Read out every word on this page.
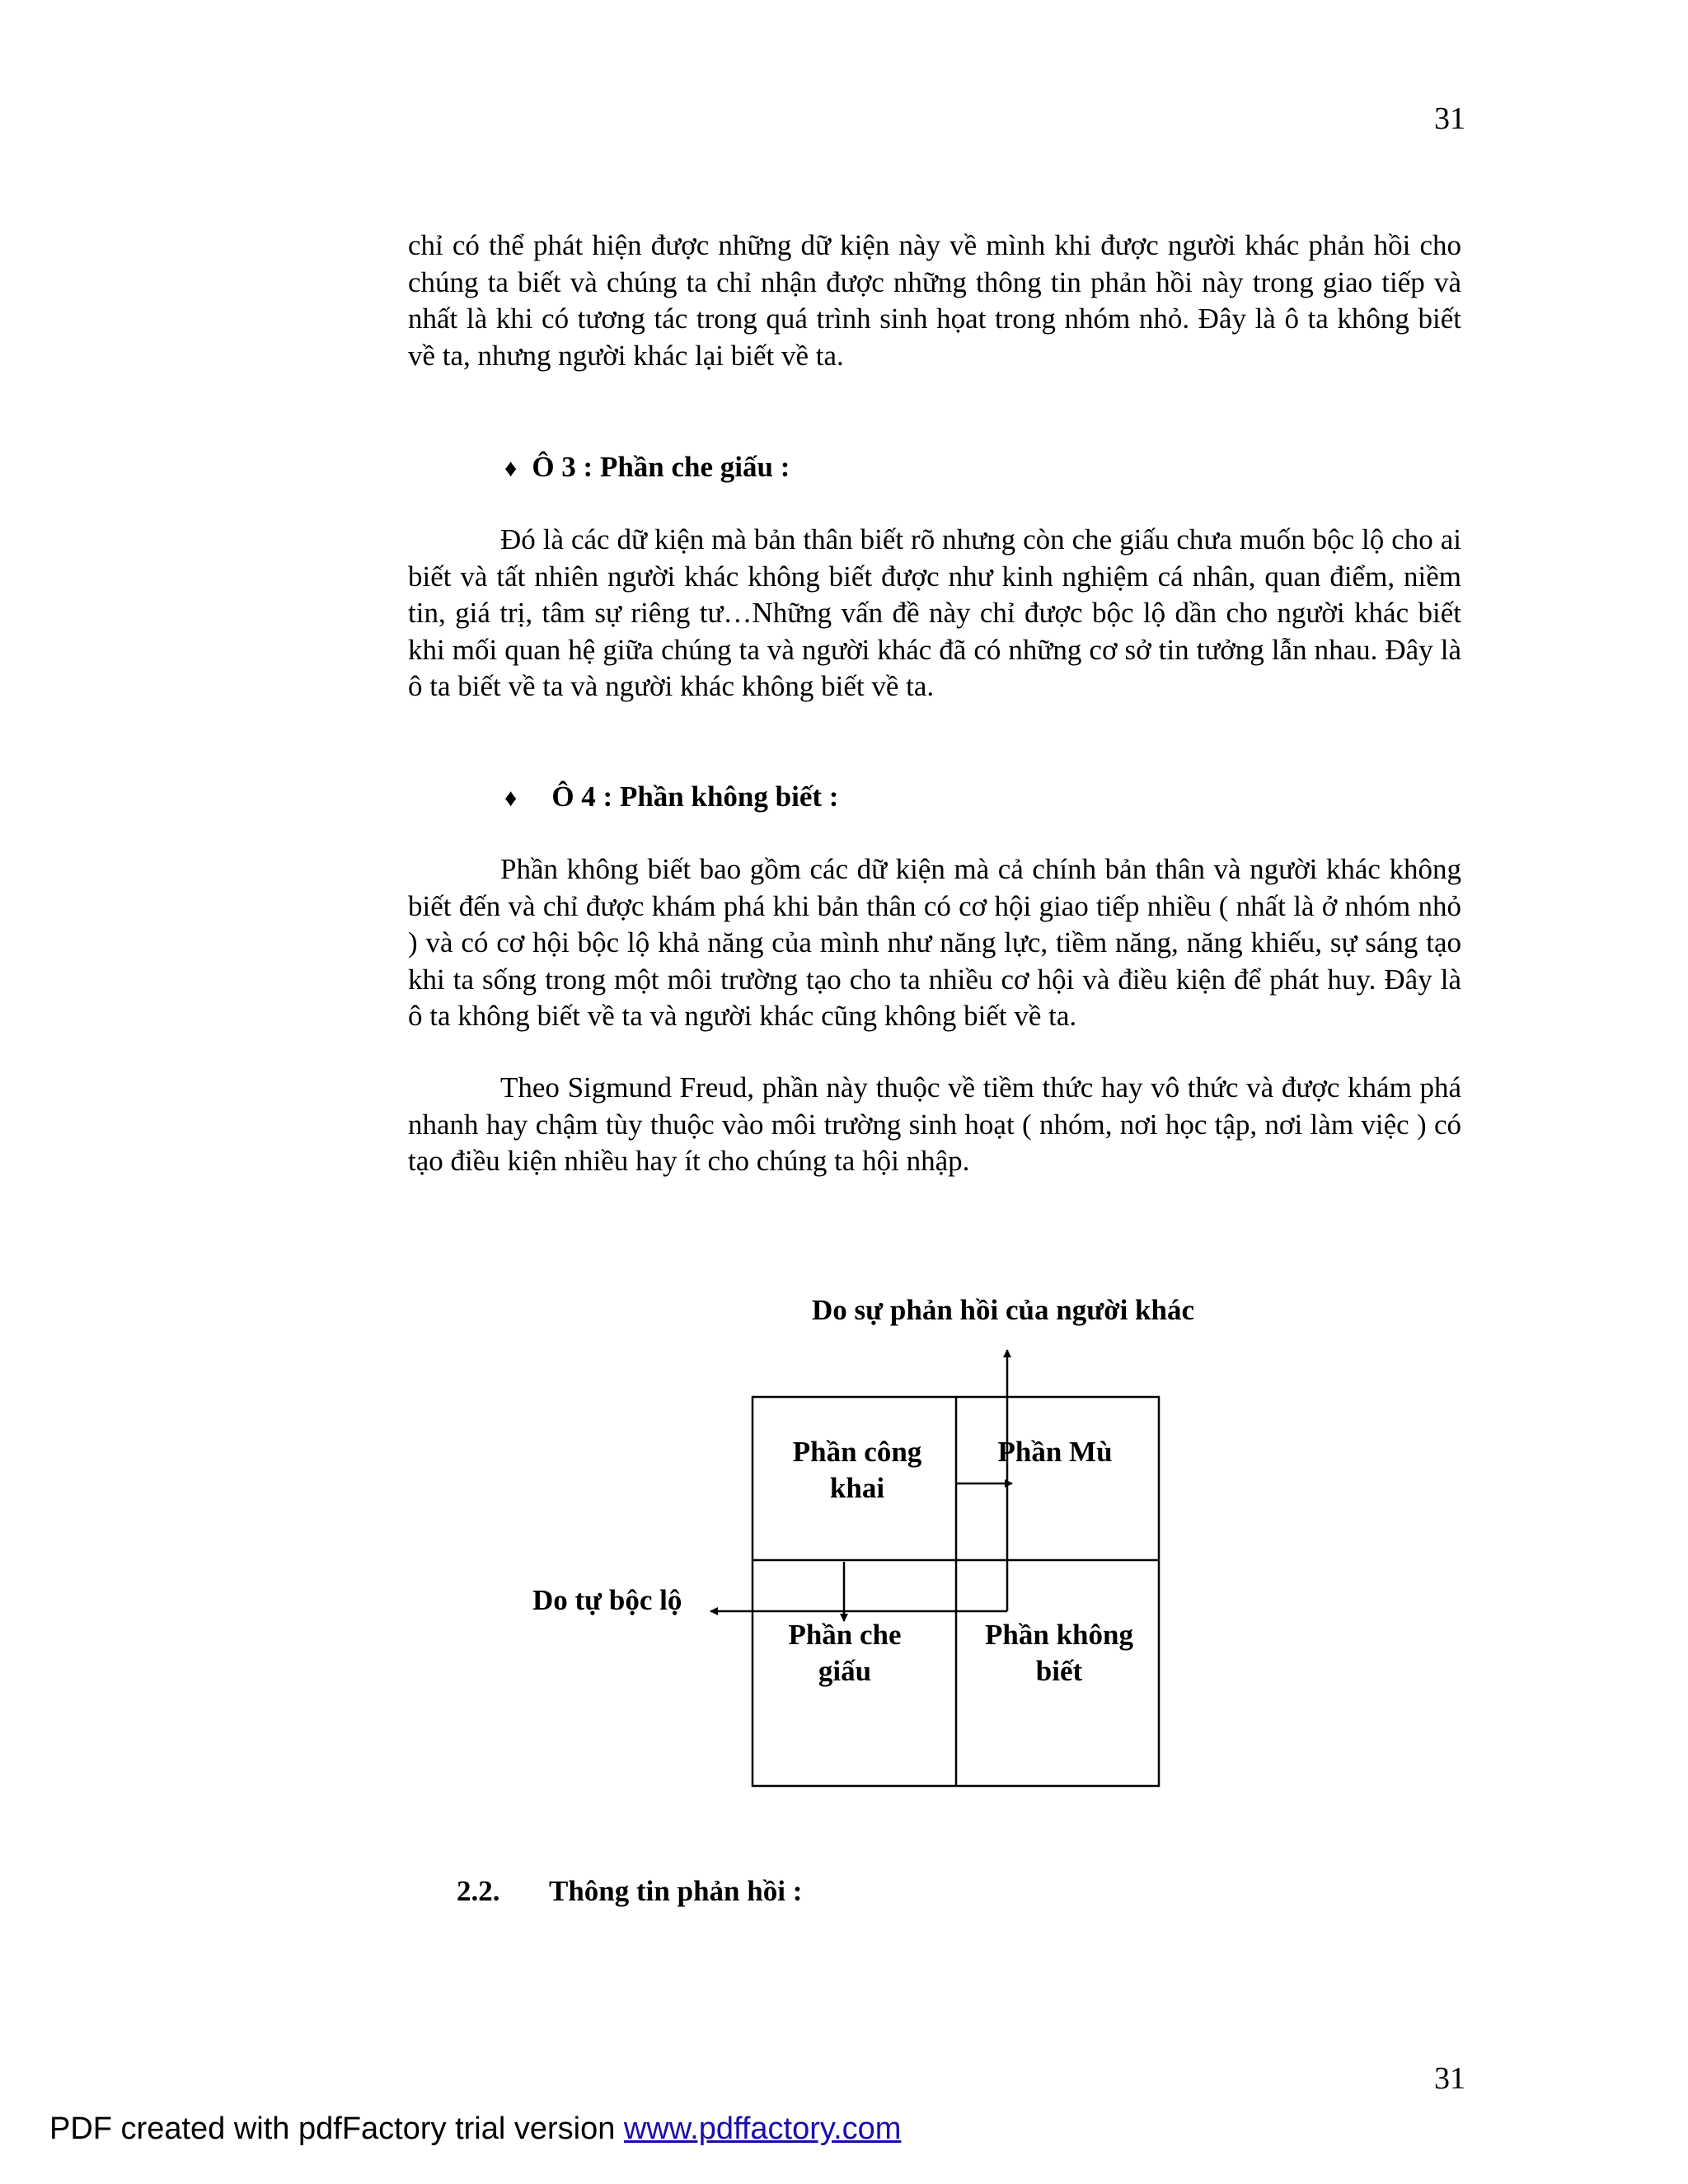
31

chỉ có thể phát hiện được những dữ kiện này về mình khi được người khác phản hồi cho chúng ta biết và chúng ta chỉ nhận được những thông tin phản hồi này trong giao tiếp và nhất là khi có tương tác trong quá trình sinh họat trong nhóm nhỏ. Đây là ô ta không biết về ta, nhưng người khác lại biết về ta.

♦ Ô 3 : Phần che giấu :

Đó là các dữ kiện mà bản thân biết rõ nhưng còn che giấu chưa muốn bộc lộ cho ai biết và tất nhiên người khác không biết được như kinh nghiệm cá nhân, quan điểm, niềm tin, giá trị, tâm sự riêng tư…Những vấn đề này chỉ được bộc lộ dần cho người khác biết khi mối quan hệ giữa chúng ta và người khác đã có những cơ sở tin tưởng lẫn nhau. Đây là ô ta biết về ta và người khác không biết về ta.

♦ Ô 4 : Phần không biết :

Phần không biết bao gồm các dữ kiện mà cả chính bản thân và người khác không biết đến và chỉ được khám phá khi bản thân có cơ hội giao tiếp nhiều ( nhất là ở nhóm nhỏ ) và có cơ hội bộc lộ khả năng của mình như năng lực, tiềm năng, năng khiếu, sự sáng tạo khi ta sống trong một môi trường tạo cho ta nhiều cơ hội và điều kiện để phát huy. Đây là ô ta không biết về ta và người khác cũng không biết về ta.

Theo Sigmund Freud, phần này thuộc về tiềm thức hay vô thức và được khám phá nhanh hay chậm tùy thuộc vào môi trường sinh hoạt ( nhóm, nơi học tập, nơi làm việc ) có tạo điều kiện nhiều hay ít cho chúng ta hội nhập.

Do sự phản hồi của người khác
Do tự bộc lộ
Phần công khai
Phần Mù
Phần che giấu
Phần không biết
2.2. Thông tin phản hồi :
31
PDF created with pdfFactory trial version www.pdffactory.com
